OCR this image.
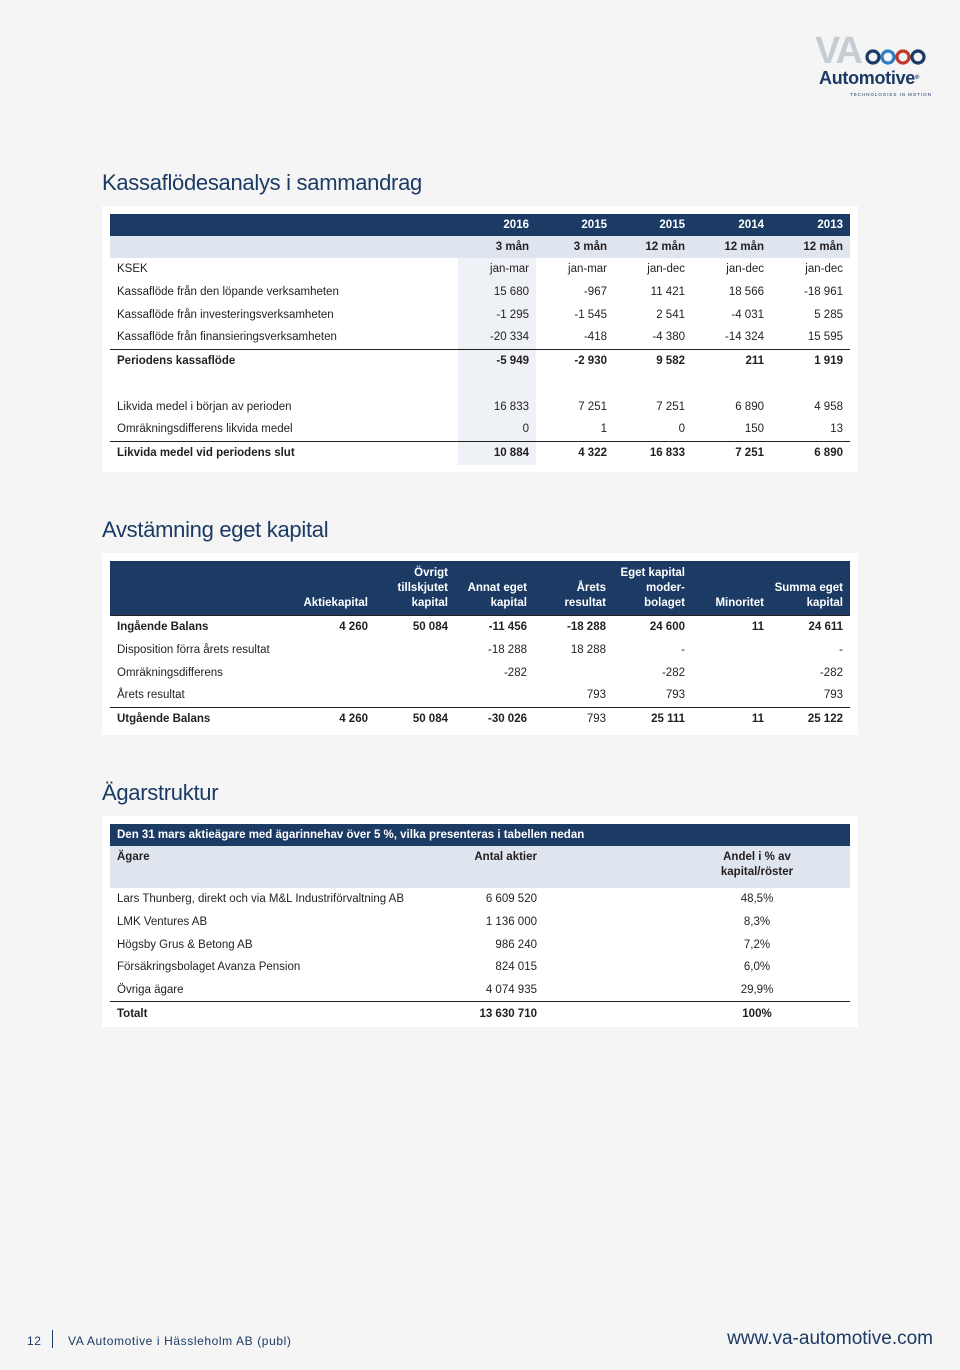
VA
Automotive®
TECHNOLOGIES IN MOTION
Kassaflödesanalys i sammandrag
	2016	2015	2015	2014	2013
	3 mån	3 mån	12 mån	12 mån	12 mån
KSEK	jan-mar	jan-mar	jan-dec	jan-dec	jan-dec
Kassaflöde från den löpande verksamheten	15 680	-967	11 421	18 566	-18 961
Kassaflöde från investeringsverksamheten	-1 295	-1 545	2 541	-4 031	5 285
Kassaflöde från finansieringsverksamheten	-20 334	-418	-4 380	-14 324	15 595
Periodens kassaflöde	-5 949	-2 930	9 582	211	1 919

Likvida medel i början av perioden	16 833	7 251	7 251	6 890	4 958
Omräkningsdifferens likvida medel	0	1	0	150	13
Likvida medel vid periodens slut	10 884	4 322	16 833	7 251	6 890
Avstämning eget kapital
	Aktiekapital	Övrigt tillskjutet kapital	Annat eget kapital	Årets resultat	Eget kapital moder-bolaget	Minoritet	Summa eget kapital
Ingående Balans	4 260	50 084	-11 456	-18 288	24 600	11	24 611
Disposition förra årets resultat			-18 288	18 288	-		-
Omräkningsdifferens			-282		-282		-282
Årets resultat				793	793		793
Utgående Balans	4 260	50 084	-30 026	793	25 111	11	25 122
Ägarstruktur
Den 31 mars aktieägare med ägarinnehav över 5 %, vilka presenteras i tabellen nedan		
Ägare	Antal aktier	Andel i % av kapital/röster

Lars Thunberg, direkt och via M&L Industriförvaltning AB	6 609 520	48,5%

LMK Ventures AB	1 136 000	8,3%

Högsby Grus & Betong AB	986 240	7,2%

Försäkringsbolaget Avanza Pension	824 015	6,0%

Övriga ägare	4 074 935	29,9%

Totalt	13 630 710	100%
12 VA Automotive i Hässleholm AB (publ)	www.va-automotive.com
